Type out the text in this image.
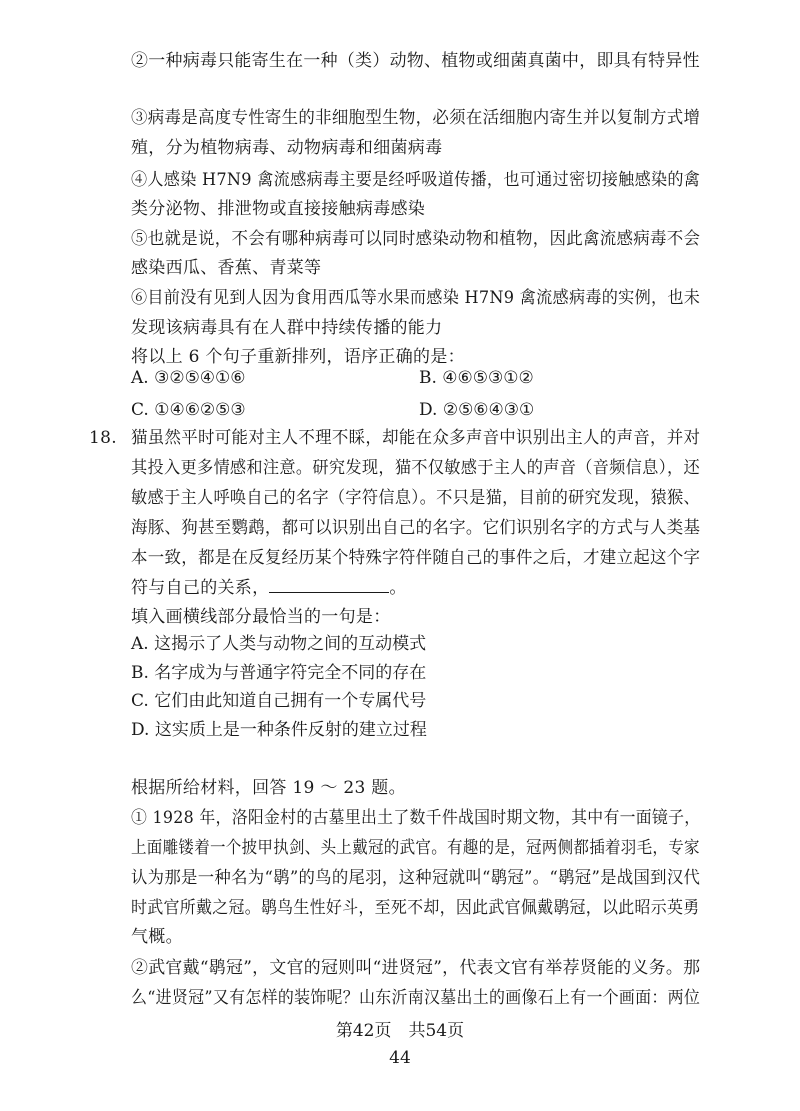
②一种病毒只能寄生在一种（类）动物、植物或细菌真菌中，即具有特异性
③病毒是高度专性寄生的非细胞型生物，必须在活细胞内寄生并以复制方式增
殖，分为植物病毒、动物病毒和细菌病毒
④人感染 H7N9 禽流感病毒主要是经呼吸道传播，也可通过密切接触感染的禽
类分泌物、排泄物或直接接触病毒感染
⑤也就是说，不会有哪种病毒可以同时感染动物和植物，因此禽流感病毒不会
感染西瓜、香蕉、青菜等
⑥目前没有见到人因为食用西瓜等水果而感染 H7N9 禽流感病毒的实例，也未
发现该病毒具有在人群中持续传播的能力
将以上 6 个句子重新排列，语序正确的是：
A. ③②⑤④①⑥	B. ④⑥⑤③①②
C. ①④⑥②⑤③	D. ②⑤⑥④③①
18. 猫虽然平时可能对主人不理不睬，却能在众多声音中识别出主人的声音，并对
其投入更多情感和注意。研究发现，猫不仅敏感于主人的声音（音频信息），还
敏感于主人呼唤自己的名字（字符信息）。不只是猫，目前的研究发现，猿猴、
海豚、狗甚至鹦鹉，都可以识别出自己的名字。它们识别名字的方式与人类基
本一致，都是在反复经历某个特殊字符伴随自己的事件之后，才建立起这个字
符与自己的关系，	。
填入画横线部分最恰当的一句是：
A. 这揭示了人类与动物之间的互动模式
B. 名字成为与普通字符完全不同的存在
C. 它们由此知道自己拥有一个专属代号
D. 这实质上是一种条件反射的建立过程
根据所给材料，回答 19 ～ 23 题。
① 1928 年，洛阳金村的古墓里出土了数千件战国时期文物，其中有一面镜子，
上面雕镂着一个披甲执剑、头上戴冠的武官。有趣的是，冠两侧都插着羽毛，专家
认为那是一种名为“鹖”的鸟的尾羽，这种冠就叫“鹖冠”。“鹖冠”是战国到汉代
时武官所戴之冠。鹖鸟生性好斗，至死不却，因此武官佩戴鹖冠，以此昭示英勇
气概。
②武官戴“鹖冠”，文官的冠则叫“进贤冠”，代表文官有举荐贤能的义务。那
么“进贤冠”又有怎样的装饰呢？山东沂南汉墓出土的画像石上有一个画面：两位
第42页　共54页
44
